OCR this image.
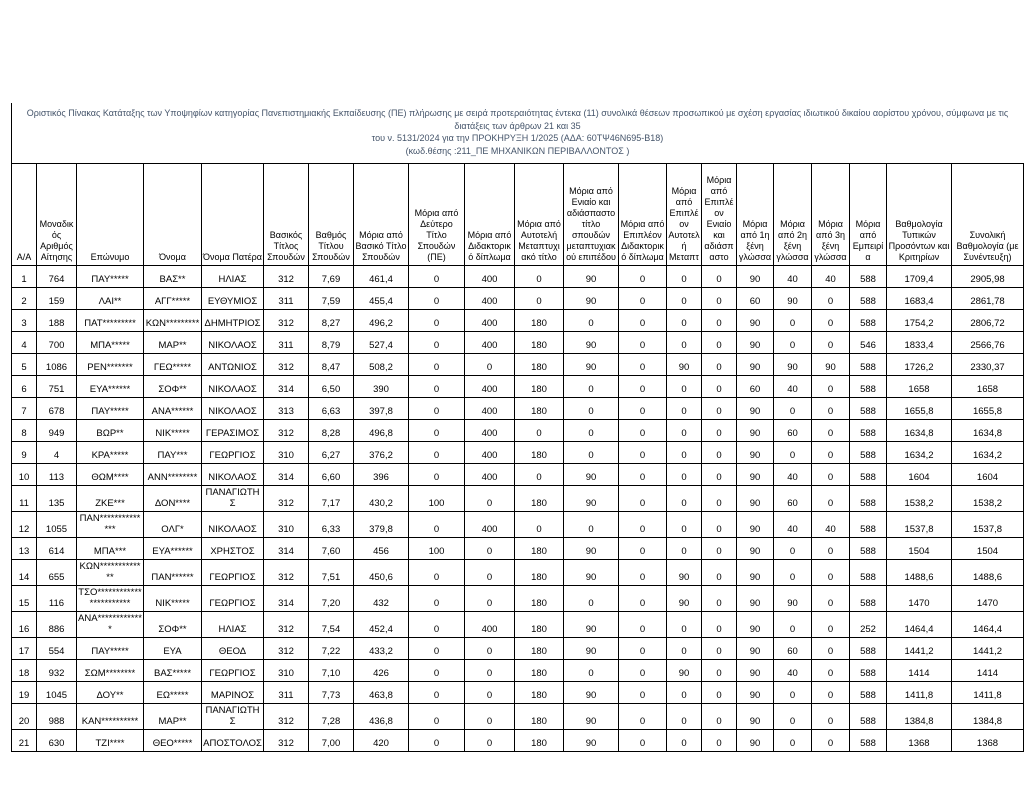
Οριστικός Πίνακας Κατάταξης των Υποψηφίων κατηγορίας Πανεπιστημιακής Εκπαίδευσης (ΠΕ) πλήρωσης με σειρά προτεραιότητας έντεκα (11) συνολικά θέσεων προσωπικού με σχέση εργασίας ιδιωτικού δικαίου αορίστου χρόνου, σύμφωνα με τις διατάξεις των άρθρων 21 και 35
του ν. 5131/2024 για την ΠΡΟΚΗΡΥΞΗ 1/2025 (ΑΔΑ: 60ΤΨ46Ν695-Β18)
(κωδ.θέσης :211_ΠΕ ΜΗΧΑΝΙΚΩΝ ΠΕΡΙΒΑΛΛΟΝΤΟΣ )
Α/Α	Μοναδικός Αριθμός Αίτησης	Επώνυμο	Όνομα	Όνομα Πατέρα	Βασικός Τίτλος Σπουδών	Βαθμός Τίτλου Σπουδών	Μόρια από Βασικό Τίτλο Σπουδών	Μόρια από Δεύτερο Τίτλο Σπουδών (ΠΕ)	Μόρια από Διδακτορικό δίπλωμα	Μόρια από Αυτοτελή Μεταπτυχιακό τίτλο	Μόρια από Ενιαίο και αδιάσπαστο τίτλο σπουδών μεταπτυχιακού επιπέδου	Μόρια από Επιπλέον Διδακτορικό δίπλωμα	Μόρια από Επιπλέον Αυτοτελή Μεταπτ	Μόρια από Επιπλέον Ενιαίο και αδιάσπαστο	Μόρια από 1η ξένη γλώσσα	Μόρια από 2η ξένη γλώσσα	Μόρια από 3η ξένη γλώσσα	Μόρια από Εμπειρία	Βαθμολογία Τυπικών Προσόντων και Κριτηρίων	Συνολική Βαθμολογία (με Συνέντευξη)
1	764	ΠΑΥ*****	ΒΑΣ**	ΗΛΙΑΣ	312	7,69	461,4	0	400	0	90	0	0	0	90	40	40	588	1709,4	2905,98
2	159	ΛΑΙ**	ΑΓΓ*****	ΕΥΘΥΜΙΟΣ	311	7,59	455,4	0	400	0	90	0	0	0	60	90	0	588	1683,4	2861,78
3	188	ΠΑΤ*********	ΚΩΝ*********	ΔΗΜΗΤΡΙΟΣ	312	8,27	496,2	0	400	180	0	0	0	0	90	0	0	588	1754,2	2806,72
4	700	ΜΠΑ*****	ΜΑΡ**	ΝΙΚΟΛΑΟΣ	311	8,79	527,4	0	400	180	90	0	0	0	90	0	0	546	1833,4	2566,76
5	1086	ΡΕΝ*******	ΓΕΩ*****	ΑΝΤΩΝΙΟΣ	312	8,47	508,2	0	0	180	90	0	90	0	90	90	90	588	1726,2	2330,37
6	751	ΕΥΑ******	ΣΟΦ**	ΝΙΚΟΛΑΟΣ	314	6,50	390	0	400	180	0	0	0	0	60	40	0	588	1658	1658
7	678	ΠΑΥ*****	ΑΝΑ******	ΝΙΚΟΛΑΟΣ	313	6,63	397,8	0	400	180	0	0	0	0	90	0	0	588	1655,8	1655,8
8	949	ΒΩΡ**	ΝΙΚ*****	ΓΕΡΑΣΙΜΟΣ	312	8,28	496,8	0	400	0	0	0	0	0	90	60	0	588	1634,8	1634,8
9	4	ΚΡΑ*****	ΠΑΥ***	ΓΕΩΡΓΙΟΣ	310	6,27	376,2	0	400	180	0	0	0	0	90	0	0	588	1634,2	1634,2
10	113	ΘΩΜ****	ΑΝΝ********	ΝΙΚΟΛΑΟΣ	314	6,60	396	0	400	0	90	0	0	0	90	40	0	588	1604	1604
11	135	ΖΚΕ***	ΔΟΝ****	ΠΑΝΑΓΙΩΤΗΣ	312	7,17	430,2	100	0	180	90	0	0	0	90	60	0	588	1538,2	1538,2
12	1055	ΠΑΝ**************	ΟΛΓ*	ΝΙΚΟΛΑΟΣ	310	6,33	379,8	0	400	0	0	0	0	0	90	40	40	588	1537,8	1537,8
13	614	ΜΠΑ***	ΕΥΑ******	ΧΡΗΣΤΟΣ	314	7,60	456	100	0	180	90	0	0	0	90	0	0	588	1504	1504
14	655	ΚΩΝ*************	ΠΑΝ******	ΓΕΩΡΓΙΟΣ	312	7,51	450,6	0	0	180	90	0	90	0	90	0	0	588	1488,6	1488,6
15	116	ΤΣΟ***********************	ΝΙΚ*****	ΓΕΩΡΓΙΟΣ	314	7,20	432	0	0	180	0	0	90	0	90	90	0	588	1470	1470
16	886	ΑΝΑ*************	ΣΟΦ**	ΗΛΙΑΣ	312	7,54	452,4	0	400	180	90	0	0	0	90	0	0	252	1464,4	1464,4
17	554	ΠΑΥ*****	ΕΥΑ	ΘΕΟΔ	312	7,22	433,2	0	0	180	90	0	0	0	90	60	0	588	1441,2	1441,2
18	932	ΣΩΜ********	ΒΑΣ*****	ΓΕΩΡΓΙΟΣ	310	7,10	426	0	0	180	0	0	90	0	90	40	0	588	1414	1414
19	1045	ΔΟΥ**	ΕΩ*****	ΜΑΡΙΝΟΣ	311	7,73	463,8	0	0	180	90	0	0	0	90	0	0	588	1411,8	1411,8
20	988	ΚΑΝ**********	ΜΑΡ**	ΠΑΝΑΓΙΩΤΗΣ	312	7,28	436,8	0	0	180	90	0	0	0	90	0	0	588	1384,8	1384,8
21	630	ΤΖΙ****	ΘΕΟ*****	ΑΠΟΣΤΟΛΟΣ	312	7,00	420	0	0	180	90	0	0	0	90	0	0	588	1368	1368
